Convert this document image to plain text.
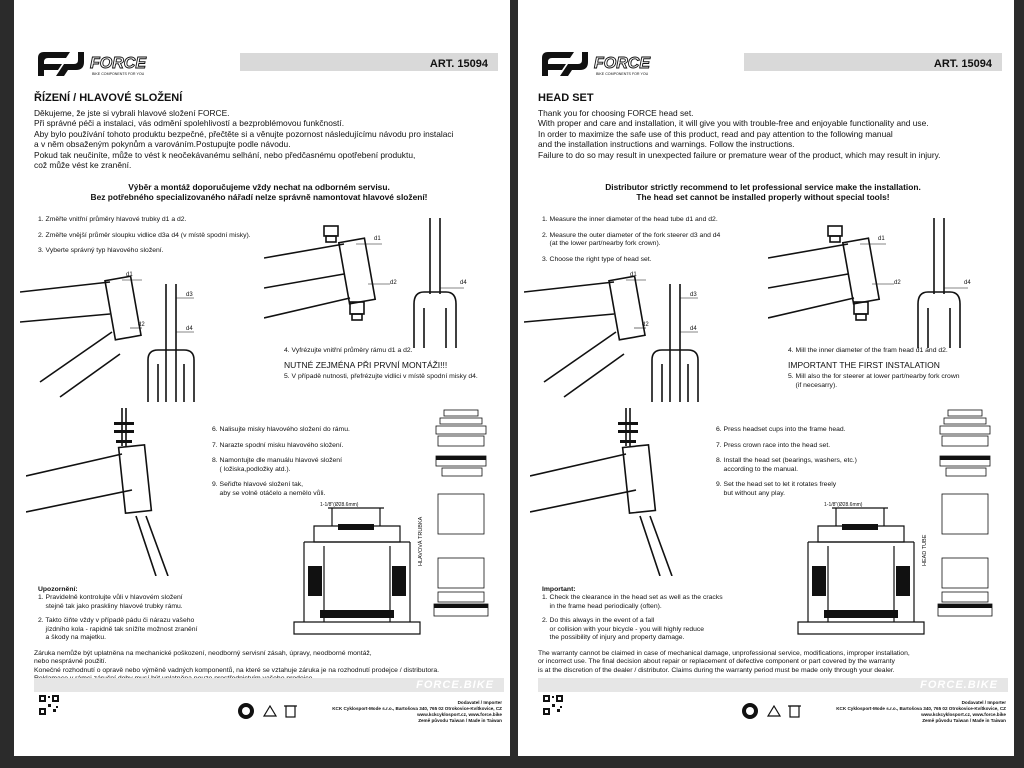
FORCE
BIKE COMPONENTS FOR YOU
ART. 15094
ŘÍZENÍ / HLAVOVÉ SLOŽENÍ
Děkujeme, že jste si vybrali hlavové složení FORCE.
Při správné péči a instalaci, vás odmění spolehlivostí a bezproblémovou funkčností.
Aby bylo používání tohoto produktu bezpečné, přečtěte si a věnujte pozornost následujícímu návodu pro instalaci
a v něm obsaženým pokynům a varováním.Postupujte podle návodu.
Pokud tak neučiníte, může to vést k neočekávanému selhání, nebo předčasnému opotřebení produktu,
což může vést ke zranění.
Výběr a montáž doporučujeme vždy nechat na odborném servisu.
Bez potřebného specializovaného nářadí nelze správně namontovat hlavové složení!
1. Změřte vnitřní průměry hlavové trubky d1 a d2.
2. Změřte vnější průměr sloupku vidlice d3a d4 (v místě spodní misky).
3. Vyberte správný typ hlavového složení.
d1
d2
d3
d4
d1
d2	d4
4. Vyfrézujte vnitřní průměry rámu d1 a d2.
NUTNÉ ZEJMÉNA PŘI PRVNÍ MONTÁŽI!!!
5. V případě nutnosti, přefrézujte vidlici v místě spodní misky d4.
6. Nalisujte misky hlavového složení do rámu.
7. Narazte spodní misku hlavového složení.
8. Namontujte dle manuálu hlavové složení
( ložiska,podložky atd.).
9. Seřiďte hlavové složení tak,
aby se volně otáčelo a nemělo vůli.
HLAVOVÁ TRUBKA
1-1/8"(Ø28.6mm)
Upozornění:
1. Pravidelně kontrolujte vůli v hlavovém složení
stejně tak jako praskliny hlavové trubky rámu.
2. Takto čiňte vždy v případě pádu či nárazu vašeho
jízdního kola - rapidně tak snížíte možnost zranění
a škody na majetku.
Záruka nemůže být uplatněna na mechanické poškození, neodborný servisní zásah, úpravy, neodborné montáž,
nebo nesprávné použití.
Konečné rozhodnutí o opravě nebo výměně vadných komponentů, na které se vztahuje záruka je na rozhodnutí prodejce / distributora.
FORCE.BIKE
Dodavatel / Importer
KCK Cyklosport-Mode s.r.o., Bartošova 340, 765 02 Otrokovice-Kvítkovice, CZ
www.kckcyklosport.cz, www.force.bike
Země původu Taiwan / Made in Taiwan
FORCE
BIKE COMPONENTS FOR YOU
ART. 15094
HEAD SET
Thank you for choosing FORCE head set.
With proper and care and installation, it will give you with trouble-free and enjoyable functionality and use.
In order to maximize the safe use of this product, read and pay attention to the following manual
and the installation instructions and warnings. Follow the instructions.
Failure to do so may result in unexpected failure or premature wear of the product, which may result in injury.
Distributor strictly recommend to let professional service make the installation.
The head set cannot be installed properly without special tools!
1. Measure the inner diameter of the head tube d1 and d2.
2. Measure the outer diameter of the fork steerer d3 and d4
(at the lower part/nearby fork crown).
3. Choose the right type of head set.
d1
d2
d3
d4
d1
d2	d4
4. Mill the inner diameter of the fram head d1 and d2.
IMPORTANT THE FIRST INSTALATION
5. Mill also the for steerer at lower part/nearby fork crown
(if necesarry).
6. Press headset cups into the frame head.
7. Press crown race into the head set.
8. Install the head set (bearings, washers, etc.)
according to the manual.
9. Set the head set to let it rotates freely
but without any play.
HEAD TUBE
1-1/8"(Ø28.6mm)
Important:
1. Check the clearance in the head set as well as the cracks
in the frame head periodically (often).
2. Do this always in the event of a fall
or collision with your bicycle - you will highly reduce
the possibility of injury and property damage.
The warranty cannot be claimed in case of mechanical damage, unprofessional service, modifications, improper installation,
or incorrect use. The final decision about repair or replacement of defective component or part covered by the warranty
is at the discretion of the dealer / distributor. Claims during the warranty period must be made only through your dealer.
FORCE.BIKE
Dodavatel / Importer
KCK Cyklosport-Mode s.r.o., Bartošova 340, 765 02 Otrokovice-Kvítkovice, CZ
www.kckcyklosport.cz, www.force.bike
Země původu Taiwan / Made in Taiwan
